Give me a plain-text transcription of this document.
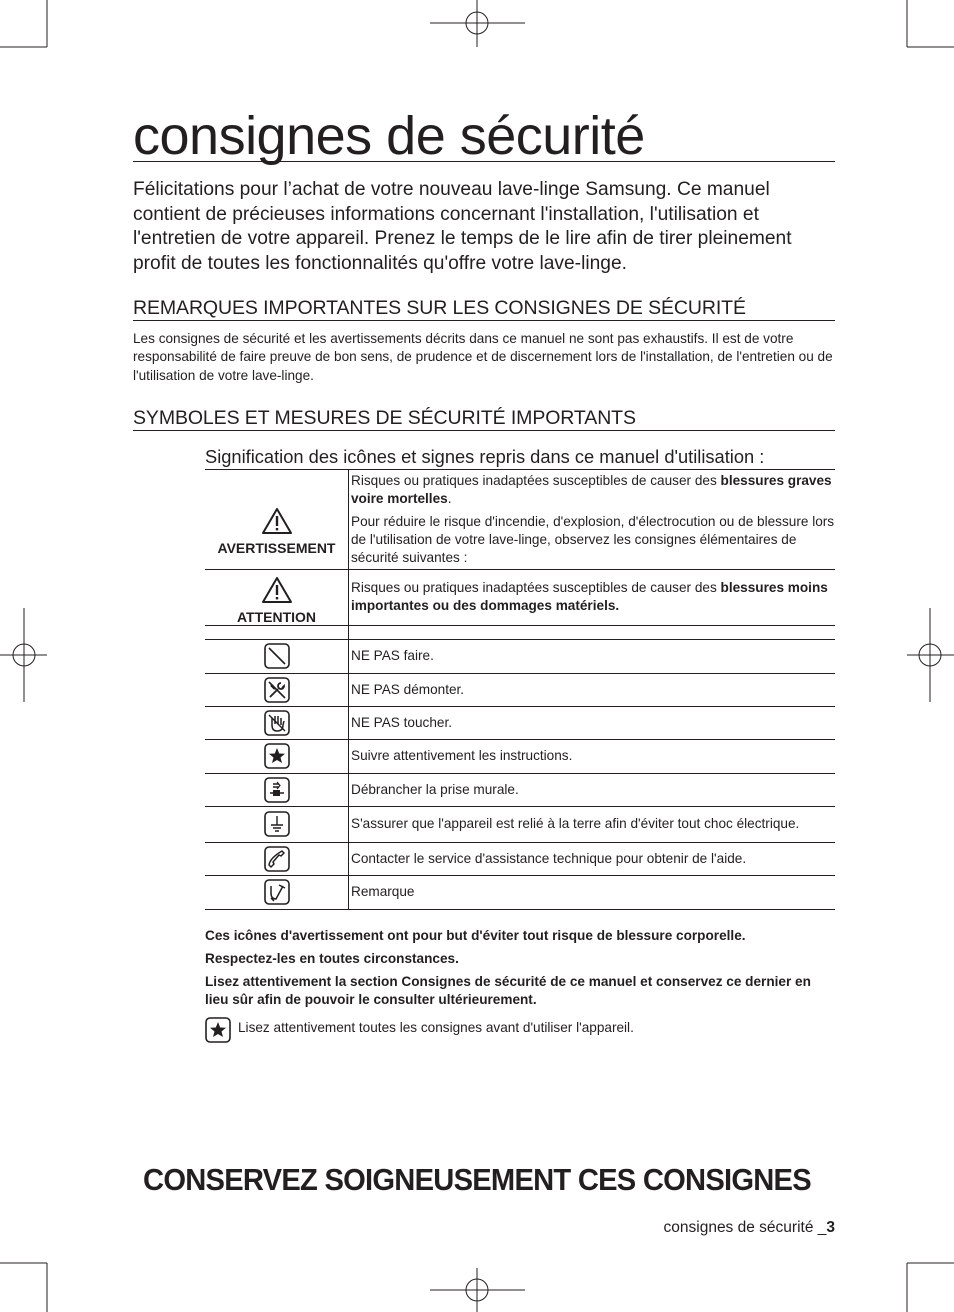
consignes de sécurité
Félicitations pour l’achat de votre nouveau lave-linge Samsung. Ce manuel contient de précieuses informations concernant l'installation, l'utilisation et l'entretien de votre appareil. Prenez le temps de le lire afin de tirer pleinement profit de toutes les fonctionnalités qu'offre votre lave-linge.
REMARQUES IMPORTANTES SUR LES CONSIGNES DE SÉCURITÉ
Les consignes de sécurité et les avertissements décrits dans ce manuel ne sont pas exhaustifs. Il est de votre responsabilité de faire preuve de bon sens, de prudence et de discernement lors de l'installation, de l'entretien ou de l'utilisation de votre lave-linge.
SYMBOLES ET MESURES DE SÉCURITÉ IMPORTANTS
Signification des icônes et signes repris dans ce manuel d'utilisation :
AVERTISSEMENT	Risques ou pratiques inadaptées susceptibles de causer des blessures graves voire mortelles.
Pour réduire le risque d'incendie, d'explosion, d'électrocution ou de blessure lors de l'utilisation de votre lave-linge, observez les consignes élémentaires de sécurité suivantes :

ATTENTION	Risques ou pratiques inadaptées susceptibles de causer des blessures moins importantes ou des dommages matériels.

	NE PAS faire.

	NE PAS démonter.

	NE PAS toucher.

	Suivre attentivement les instructions.

	Débrancher la prise murale.

	S'assurer que l'appareil est relié à la terre afin d'éviter tout choc électrique.

	Contacter le service d'assistance technique pour obtenir de l'aide.

	Remarque

Ces icônes d'avertissement ont pour but d'éviter tout risque de blessure corporelle.

Respectez-les en toutes circonstances.

Lisez attentivement la section Consignes de sécurité de ce manuel et conservez ce dernier en lieu sûr afin de pouvoir le consulter ultérieurement.

Lisez attentivement toutes les consignes avant d'utiliser l'appareil.
CONSERVEZ SOIGNEUSEMENT CES CONSIGNES
consignes de sécurité _3
